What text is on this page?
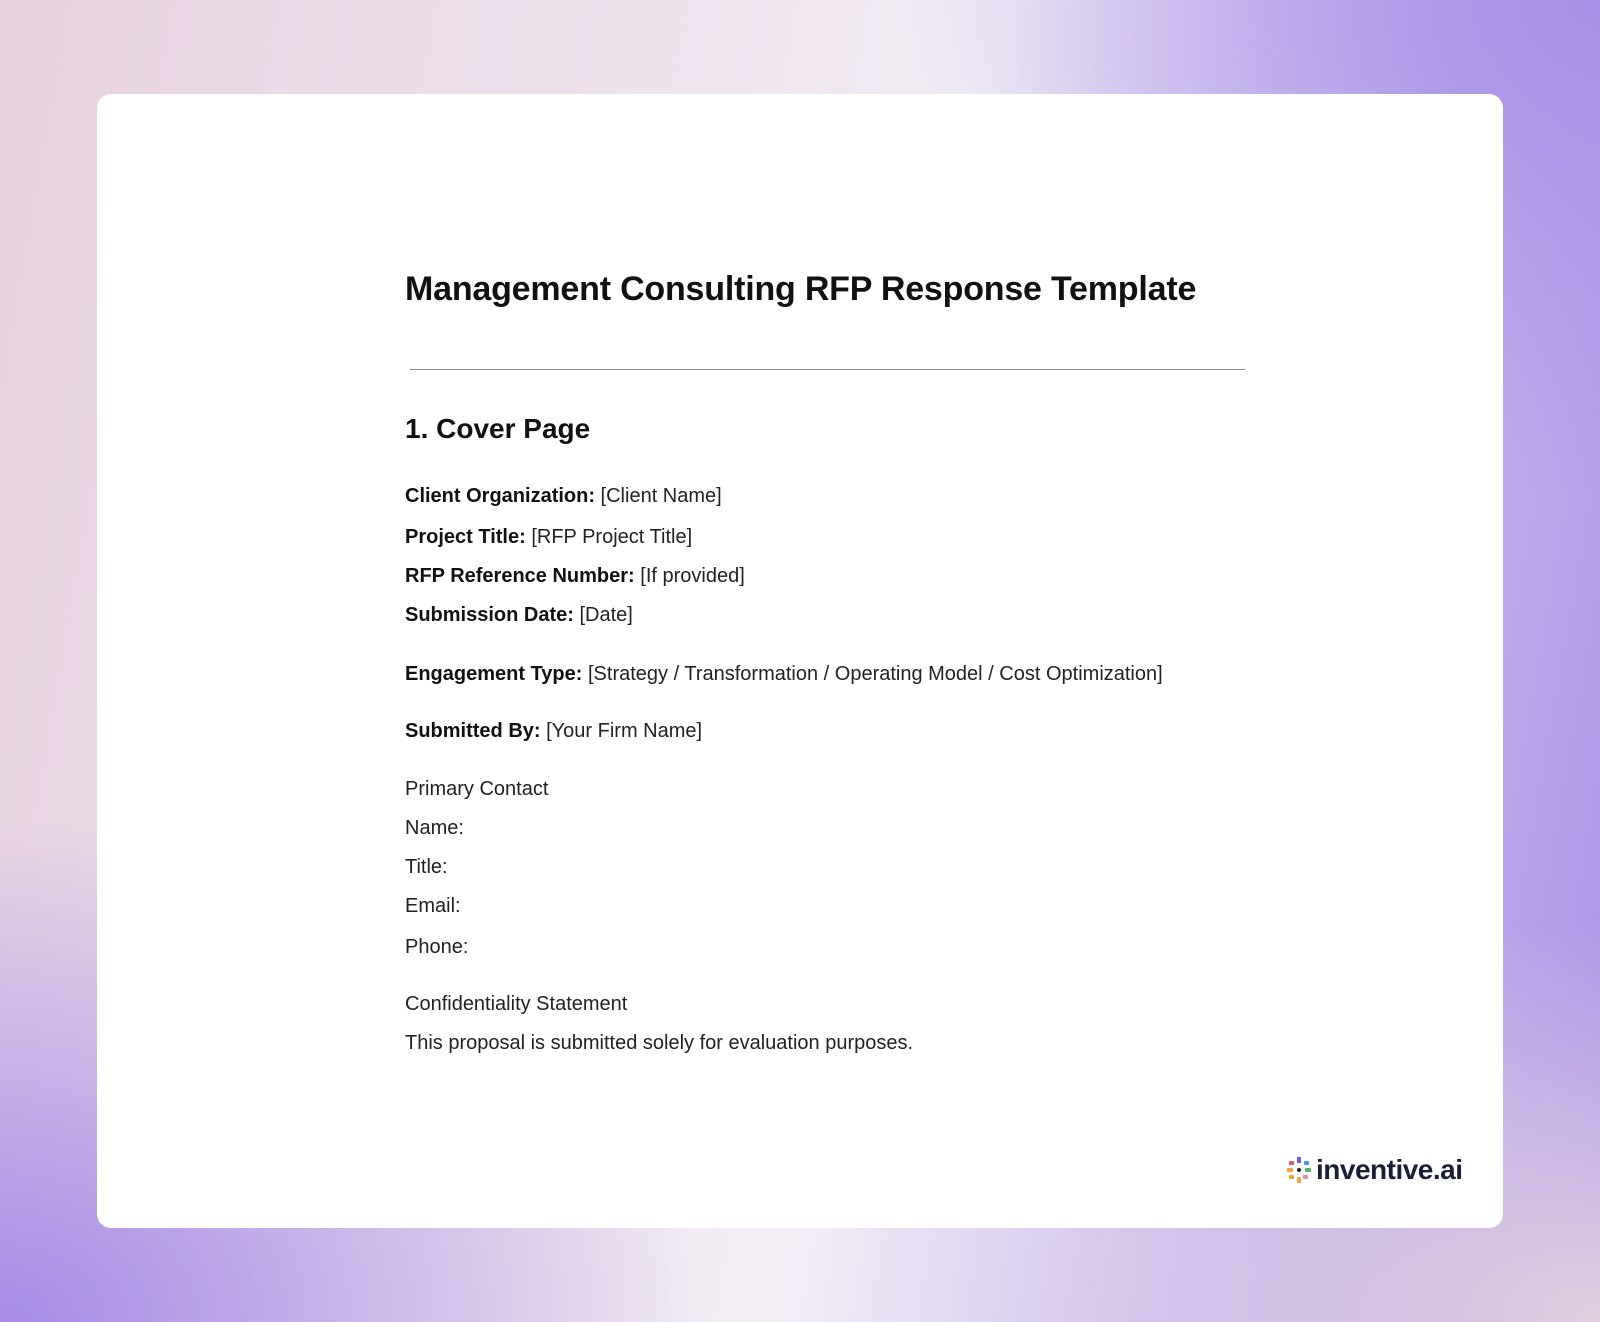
Management Consulting RFP Response Template
1. Cover Page
Client Organization: [Client Name]
Project Title: [RFP Project Title]
RFP Reference Number: [If provided]
Submission Date: [Date]
Engagement Type: [Strategy / Transformation / Operating Model / Cost Optimization]
Submitted By: [Your Firm Name]
Primary Contact
Name:
Title:
Email:
Phone:
Confidentiality Statement
This proposal is submitted solely for evaluation purposes.
inventive.ai
